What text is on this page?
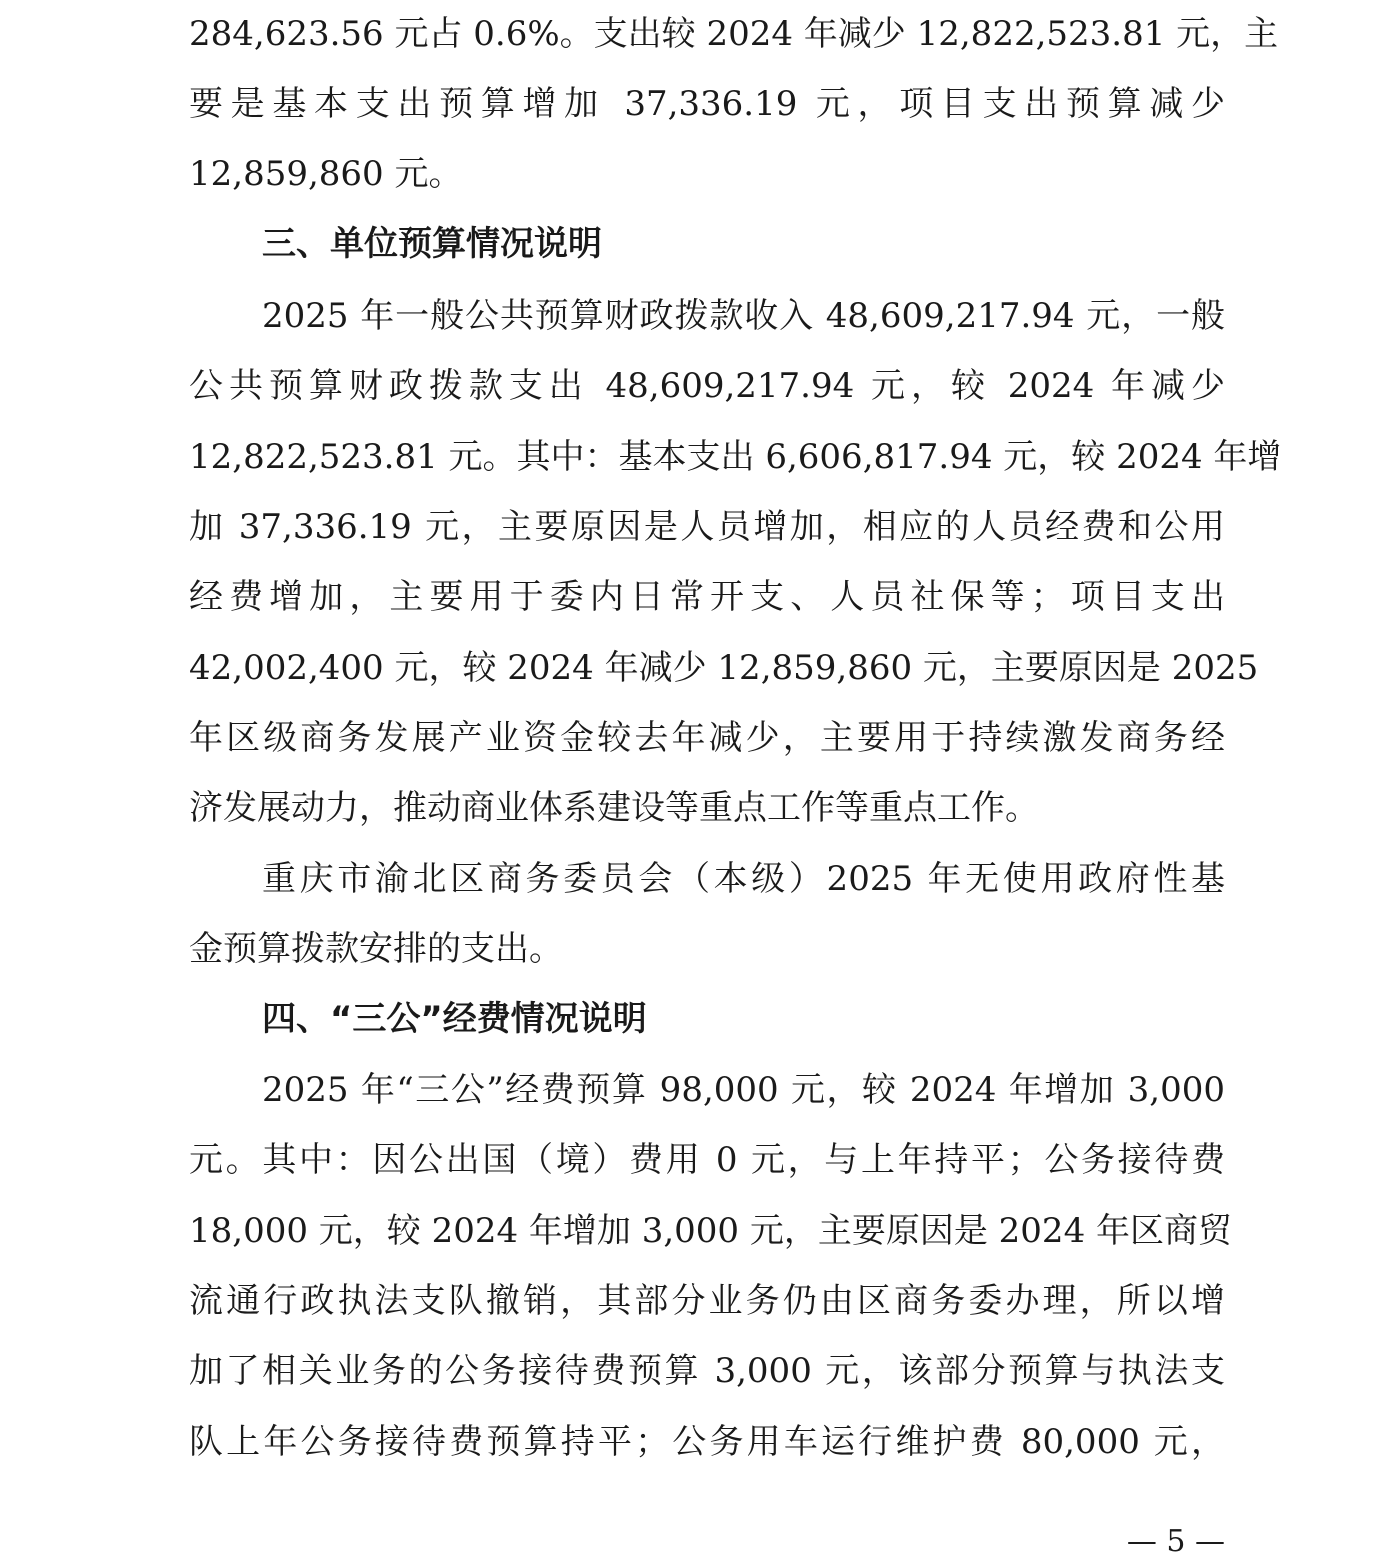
284,623.56 元占 0.6%。支出较 2024 年减少 12,822,523.81 元，主
要是基本支出预算增加 37,336.19 元，项目支出预算减少
12,859,860 元。
三、单位预算情况说明
2025 年一般公共预算财政拨款收入 48,609,217.94 元，一般
公共预算财政拨款支出 48,609,217.94 元，较 2024 年减少
12,822,523.81 元。其中：基本支出 6,606,817.94 元，较 2024 年增
加 37,336.19 元，主要原因是人员增加，相应的人员经费和公用
经费增加，主要用于委内日常开支、人员社保等；项目支出
42,002,400 元，较 2024 年减少 12,859,860 元，主要原因是 2025
年区级商务发展产业资金较去年减少，主要用于持续激发商务经
济发展动力，推动商业体系建设等重点工作等重点工作。
重庆市渝北区商务委员会（本级）2025 年无使用政府性基
金预算拨款安排的支出。
四、“三公”经费情况说明
2025 年“三公”经费预算 98,000 元，较 2024 年增加 3,000
元。其中：因公出国（境）费用 0 元，与上年持平；公务接待费
18,000 元，较 2024 年增加 3,000 元，主要原因是 2024 年区商贸
流通行政执法支队撤销，其部分业务仍由区商务委办理，所以增
加了相关业务的公务接待费预算 3,000 元，该部分预算与执法支
队上年公务接待费预算持平；公务用车运行维护费 80,000 元，
— 5 —
